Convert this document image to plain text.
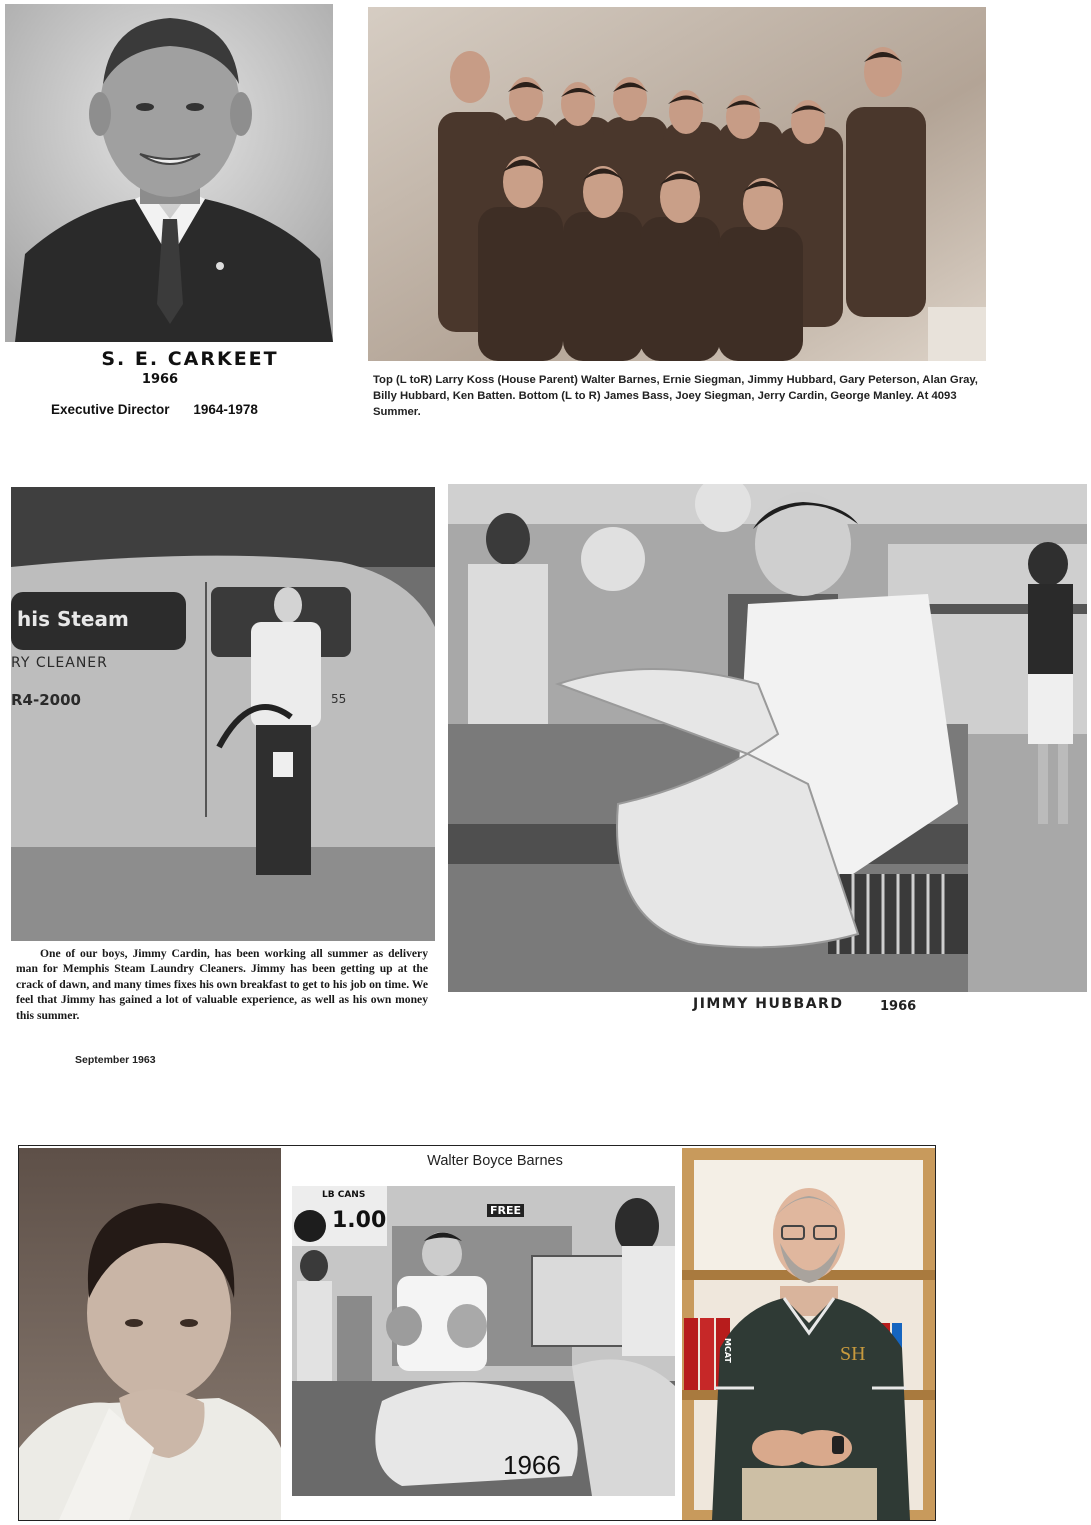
S. E. CARKEET
1966
Executive Director 1964-1978
Top (L toR) Larry Koss (House Parent) Walter Barnes, Ernie Siegman, Jimmy Hubbard, Gary Peterson, Alan Gray, Billy Hubbard, Ken Batten. Bottom (L to R) James Bass, Joey Siegman, Jerry Cardin, George Manley. At 4093 Summer.
his Steam
RY CLEANER
R4-2000	55
One of our boys, Jimmy Cardin, has been working all summer as delivery man for Memphis Steam Laundry Cleaners. Jimmy has been getting up at the crack of dawn, and many times fixes his own breakfast to get to his job on time. We feel that Jimmy has gained a lot of valuable experience, as well as his own money this summer.
September 1963
JIMMY HUBBARD	1966
1.00
LB CANS
FREE
Walter Boyce Barnes
1966
SH
MCAT
